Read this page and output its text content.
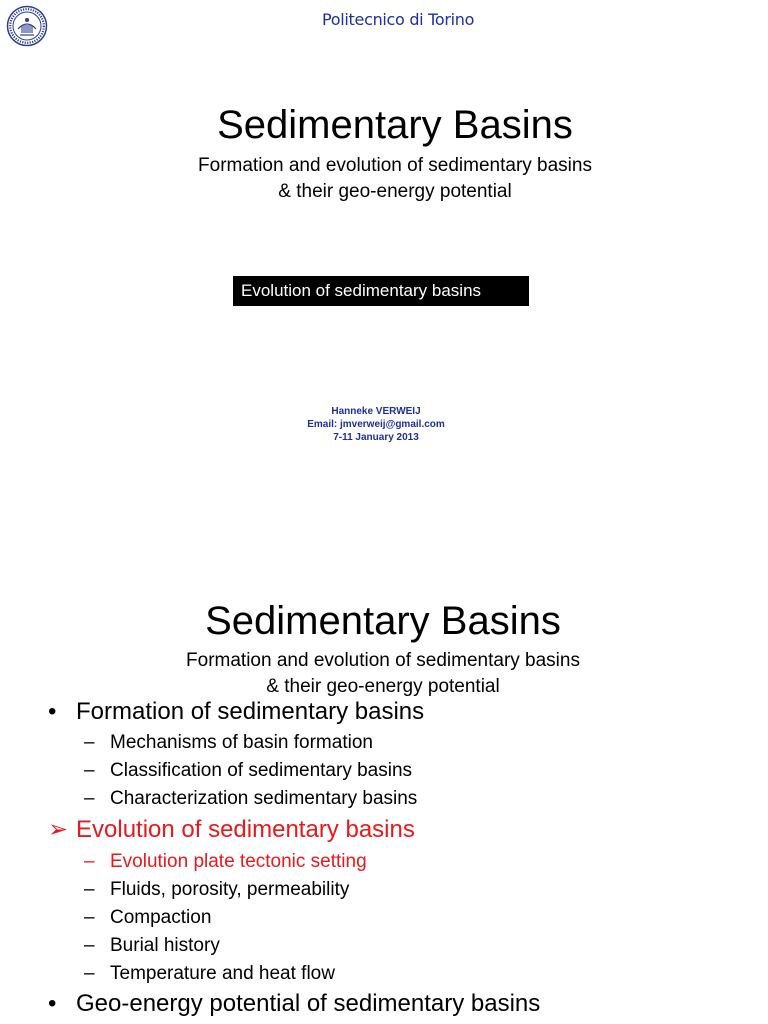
Politecnico di Torino
Sedimentary Basins
Formation and evolution of sedimentary basins
& their geo-energy potential
Evolution of sedimentary basins
Hanneke VERWEIJ
Email: jmverweij@gmail.com
7-11 January 2013
Sedimentary Basins
Formation and evolution of sedimentary basins
& their geo-energy potential
• Formation of sedimentary basins
– Mechanisms of basin formation
– Classification of sedimentary basins
– Characterization sedimentary basins
➢ Evolution of sedimentary basins
– Evolution plate tectonic setting
– Fluids, porosity, permeability
– Compaction
– Burial history
– Temperature and heat flow
• Geo-energy potential of sedimentary basins
